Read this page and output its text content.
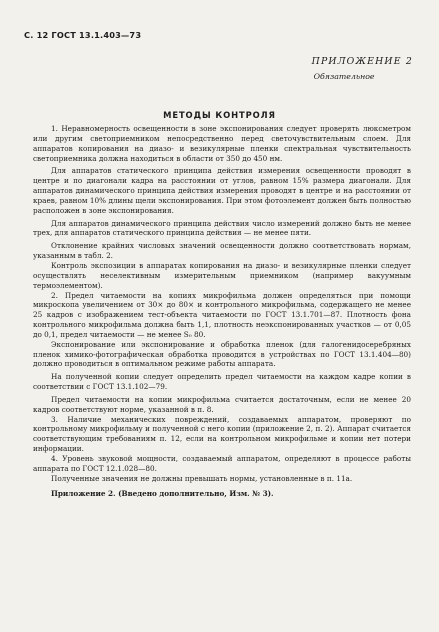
С. 12 ГОСТ 13.1.403—73
ПРИЛОЖЕНИЕ 2
Обязательное
МЕТОДЫ КОНТРОЛЯ

1. Неравномерность освещенности в зоне экспонирования следует проверять люксметром или другим светоприемником непосредственно перед светочувствительным слоем. Для аппаратов копирования на диазо- и везикулярные пленки спектральная чувствительность светоприемника должна находиться в области от 350 до 450 нм.

Для аппаратов статического принципа действия измерения освещенности проводят в центре и по диагонали кадра на расстоянии от углов, равном 15% размера диагонали. Для аппаратов динамического принципа действия измерения проводят в центре и на расстоянии от краев, равном 10% длины щели экспонирования. При этом фотоэлемент должен быть полностью расположен в зоне экспонирования.

Для аппаратов динамического принципа действия число измерений должно быть не менее трех, для аппаратов статического принципа действия — не менее пяти.

Отклонение крайних числовых значений освещенности должно соответствовать нормам, указанным в табл. 2.

Контроль экспозиции в аппаратах копирования на диазо- и везикулярные пленки следует осуществлять неселективным измерительным приемником (например вакуумным термоэлементом).

2. Предел читаемости на копиях микрофильма должен определяться при помощи микроскопа увеличением от 30× до 80× и контрольного микрофильма, содержащего не менее 25 кадров с изображением тест-объекта читаемости по ГОСТ 13.1.701—87. Плотность фона контрольного микрофильма должна быть 1,1, плотность неэкспонированных участков — от 0,05 до 0,1, предел читаемости — не менее S₀ 80.

Экспонирование или экспонирование и обработка пленок (для галогенидосеребряных пленок химико-фотографическая обработка проводится в устройствах по ГОСТ 13.1.404—80) должно проводиться в оптимальном режиме работы аппарата.

На полученной копии следует определить предел читаемости на каждом кадре копии в соответствии с ГОСТ 13.1.102—79.

Предел читаемости на копии микрофильма считается достаточным, если не менее 20 кадров соответствуют норме, указанной в п. 8.

3. Наличие механических повреждений, создаваемых аппаратом, проверяют по контрольному микрофильму и полученной с него копии (приложение 2, п. 2). Аппарат считается соответствующим требованиям п. 12, если на контрольном микрофильме и копии нет потери информации.

4. Уровень звуковой мощности, создаваемый аппаратом, определяют в процессе работы аппарата по ГОСТ 12.1.028—80.

Полученные значения не должны превышать нормы, установленные в п. 11а.

Приложение 2. (Введено дополнительно, Изм. № 3).
